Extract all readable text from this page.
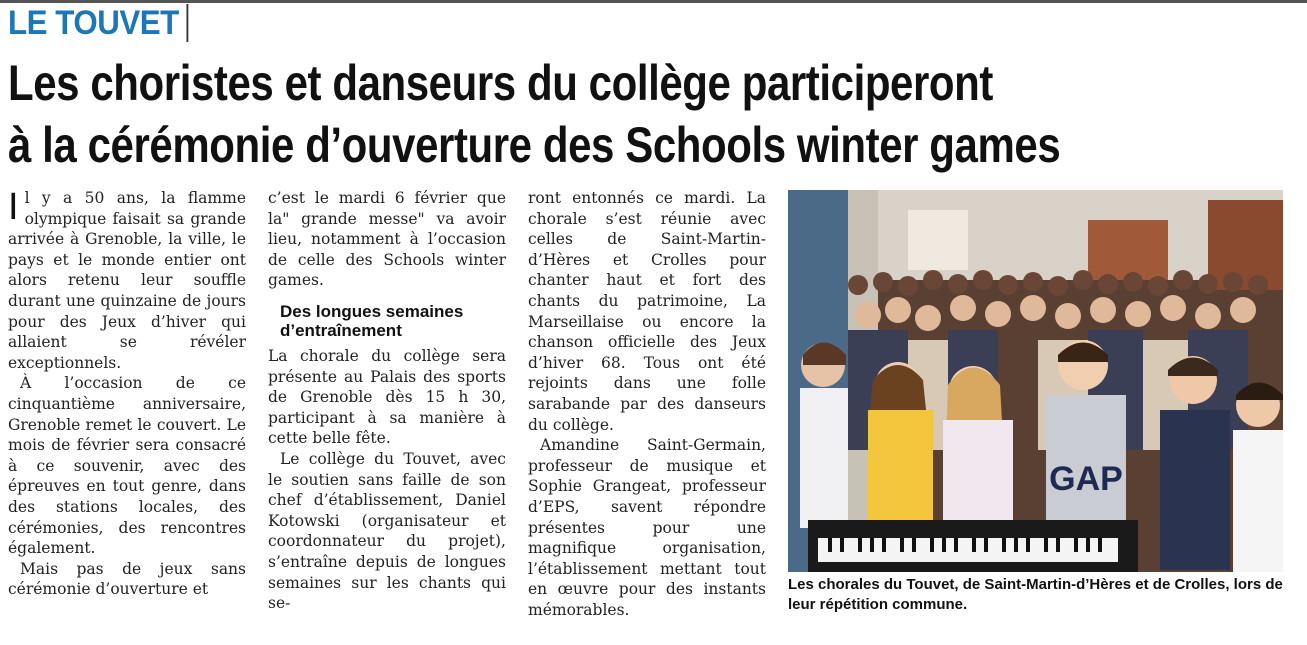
LE TOUVET
Les choristes et danseurs du collège participeront
à la cérémonie d’ouverture des Schools winter games

Il y a 50 ans, la flamme olympique faisait sa grande arrivée à Grenoble, la ville, le pays et le monde entier ont alors retenu leur souffle durant une quinzaine de jours pour des Jeux d’hiver qui allaient se révéler exceptionnels.

À l’occasion de ce cinquantième anniversaire, Grenoble remet le couvert. Le mois de février sera consacré à ce souvenir, avec des épreuves en tout genre, dans des stations locales, des cérémonies, des rencontres également.

Mais pas de jeux sans cérémonie d’ouverture et

c’est le mardi 6 février que la" grande messe" va avoir lieu, notamment à l’occasion de celle des Schools winter games.

Des longues semaines d’entraînement

La chorale du collège sera présente au Palais des sports de Grenoble dès 15 h 30, participant à sa manière à cette belle fête.

Le collège du Touvet, avec le soutien sans faille de son chef d’établissement, Daniel Kotowski (organisateur et coordonnateur du projet), s’entraîne depuis de longues semaines sur les chants qui se-

ront entonnés ce mardi. La chorale s’est réunie avec celles de Saint-Martin-d’Hères et Crolles pour chanter haut et fort des chants du patrimoine, La Marseillaise ou encore la chanson officielle des Jeux d’hiver 68. Tous ont été rejoints dans une folle sarabande par des danseurs du collège.

Amandine Saint-Germain, professeur de musique et Sophie Grangeat, professeur d’EPS, savent répondre présentes pour une magnifique organisation, l’établissement mettant tout en œuvre pour des instants mémorables.

GAP
Les chorales du Touvet, de Saint-Martin-d’Hères et de Crolles, lors de leur répétition commune.
